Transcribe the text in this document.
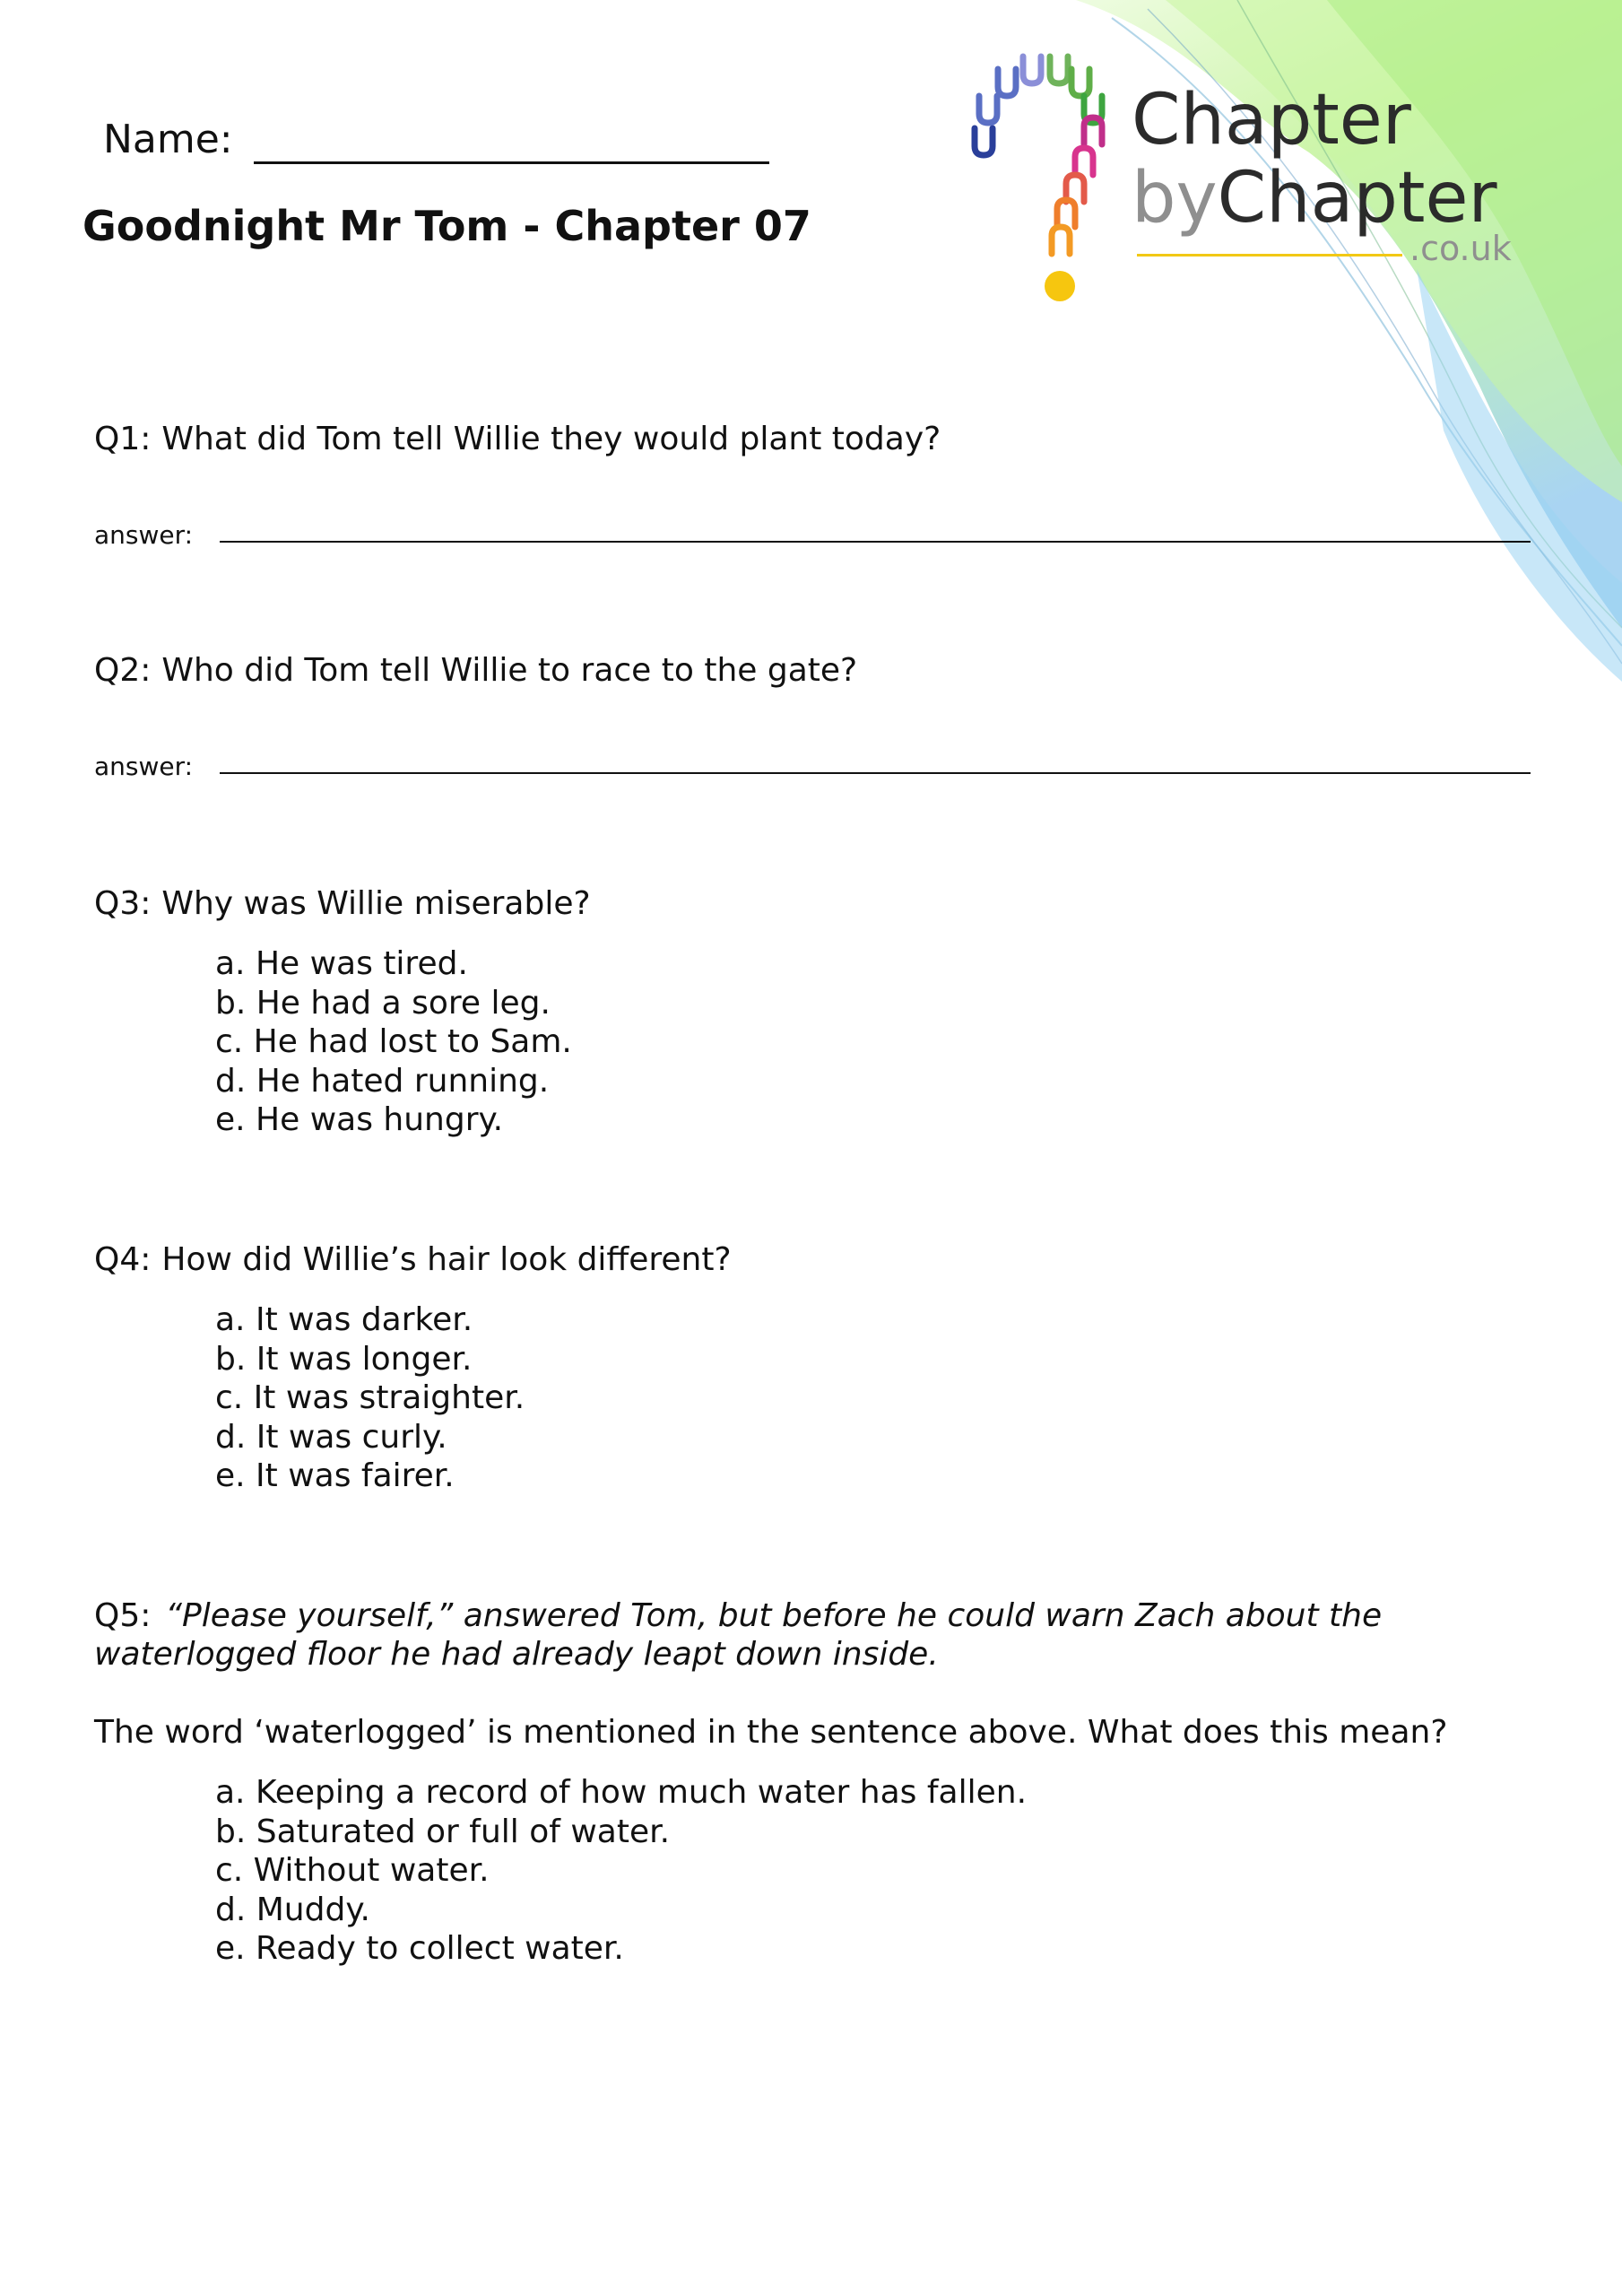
Name:
Goodnight Mr Tom - Chapter 07
Chapter
byChapter
.co.uk
Q1: What did Tom tell Willie they would plant today?
answer:
Q2: Who did Tom tell Willie to race to the gate?
answer:
Q3: Why was Willie miserable?
a. He was tired.
b. He had a sore leg.
c. He had lost to Sam.
d. He hated running.
e. He was hungry.
Q4: How did Willie’s hair look different?
a. It was darker.
b. It was longer.
c. It was straighter.
d. It was curly.
e. It was fairer.
Q5: “Please yourself,” answered Tom, but before he could warn Zach about the
waterlogged floor he had already leapt down inside.
The word ‘waterlogged’ is mentioned in the sentence above. What does this mean?
a. Keeping a record of how much water has fallen.
b. Saturated or full of water.
c. Without water.
d. Muddy.
e. Ready to collect water.
